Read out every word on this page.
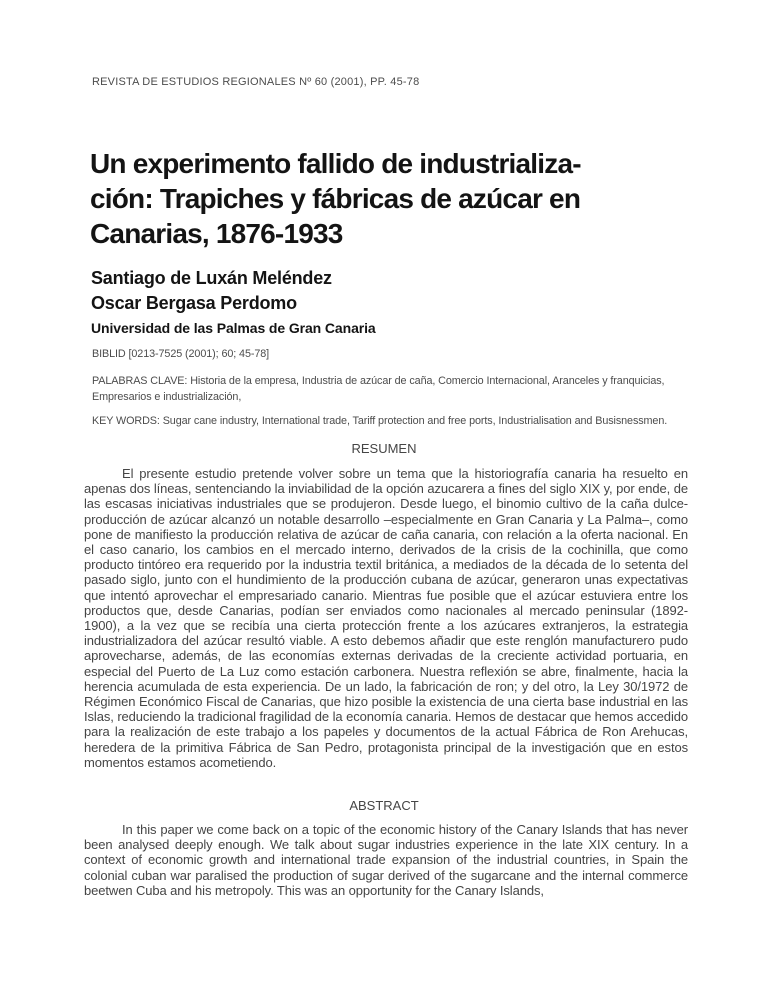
REVISTA DE ESTUDIOS REGIONALES Nº 60 (2001), PP. 45-78
Un experimento fallido de industrializa-
ción: Trapiches y fábricas de azúcar en
Canarias, 1876-1933
Santiago de Luxán Meléndez
Oscar Bergasa Perdomo
Universidad de las Palmas de Gran Canaria
BIBLID [0213-7525 (2001); 60; 45-78]
PALABRAS CLAVE: Historia de la empresa, Industria de azúcar de caña, Comercio Internacional, Aranceles y franquicias, Empresarios e industrialización,
KEY WORDS: Sugar cane industry, International trade, Tariff protection and free ports, Industrialisation and Busisnessmen.
RESUMEN
El presente estudio pretende volver sobre un tema que la historiografía canaria ha resuelto en apenas dos líneas, sentenciando la inviabilidad de la opción azucarera a fines del siglo XIX y, por ende, de las escasas iniciativas industriales que se produjeron. Desde luego, el binomio cultivo de la caña dulce-producción de azúcar alcanzó un notable desarrollo –especialmente en Gran Canaria y La Palma–, como pone de manifiesto la producción relativa de azúcar de caña canaria, con relación a la oferta nacional. En el caso canario, los cambios en el mercado interno, derivados de la crisis de la cochinilla, que como producto tintóreo era requerido por la industria textil británica, a mediados de la década de lo setenta del pasado siglo, junto con el hundimiento de la producción cubana de azúcar, generaron unas expectativas que intentó aprovechar el empresariado canario. Mientras fue posible que el azúcar estuviera entre los productos que, desde Canarias, podían ser enviados como nacionales al mercado peninsular (1892-1900), a la vez que se recibía una cierta protección frente a los azúcares extranjeros, la estrategia industrializadora del azúcar resultó viable. A esto debemos añadir que este renglón manufacturero pudo aprovecharse, además, de las economías externas derivadas de la creciente actividad portuaria, en especial del Puerto de La Luz como estación carbonera. Nuestra reflexión se abre, finalmente, hacia la herencia acumulada de esta experiencia. De un lado, la fabricación de ron; y del otro, la Ley 30/1972 de Régimen Económico Fiscal de Canarias, que hizo posible la existencia de una cierta base industrial en las Islas, reduciendo la tradicional fragilidad de la economía canaria. Hemos de destacar que hemos accedido para la realización de este trabajo a los papeles y documentos de la actual Fábrica de Ron Arehucas, heredera de la primitiva Fábrica de San Pedro, protagonista principal de la investigación que en estos momentos estamos acometiendo.
ABSTRACT
In this paper we come back on a topic of the economic history of the Canary Islands that has never been analysed deeply enough. We talk about sugar industries experience in the late XIX century. In a context of economic growth and international trade expansion of the industrial countries, in Spain the colonial cuban war paralised the production of sugar derived of the sugarcane and the internal commerce beetwen Cuba and his metropoly. This was an opportunity for the Canary Islands,
